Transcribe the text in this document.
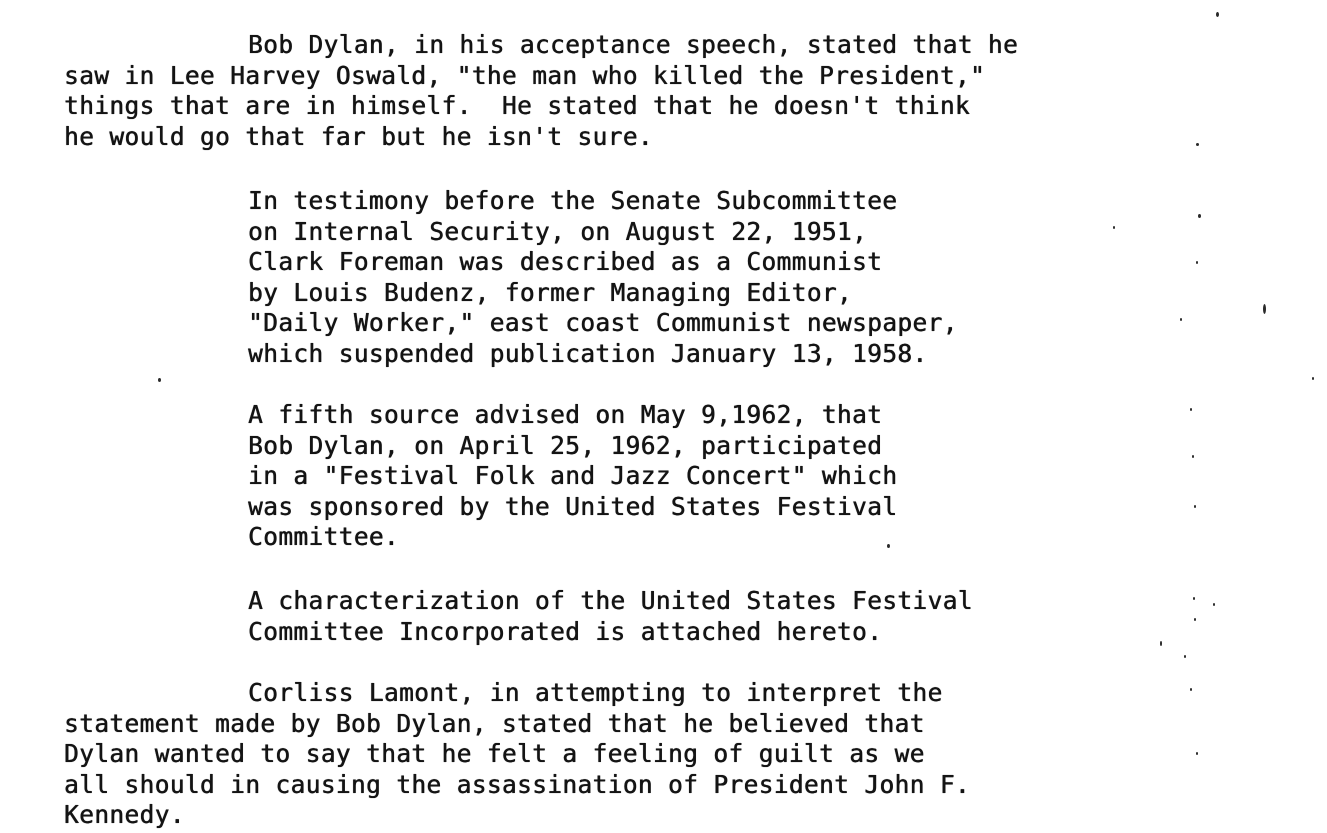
Bob Dylan, in his acceptance speech, stated that he
saw in Lee Harvey Oswald, "the man who killed the President,"
things that are in himself.  He stated that he doesn't think
he would go that far but he isn't sure.
In testimony before the Senate Subcommittee
on Internal Security, on August 22, 1951,
Clark Foreman was described as a Communist
by Louis Budenz, former Managing Editor,
"Daily Worker," east coast Communist newspaper,
which suspended publication January 13, 1958.
A fifth source advised on May 9,1962, that
Bob Dylan, on April 25, 1962, participated
in a "Festival Folk and Jazz Concert" which
was sponsored by the United States Festival
Committee.
A characterization of the United States Festival
Committee Incorporated is attached hereto.
Corliss Lamont, in attempting to interpret the
statement made by Bob Dylan, stated that he believed that
Dylan wanted to say that he felt a feeling of guilt as we
all should in causing the assassination of President John F.
Kennedy.
